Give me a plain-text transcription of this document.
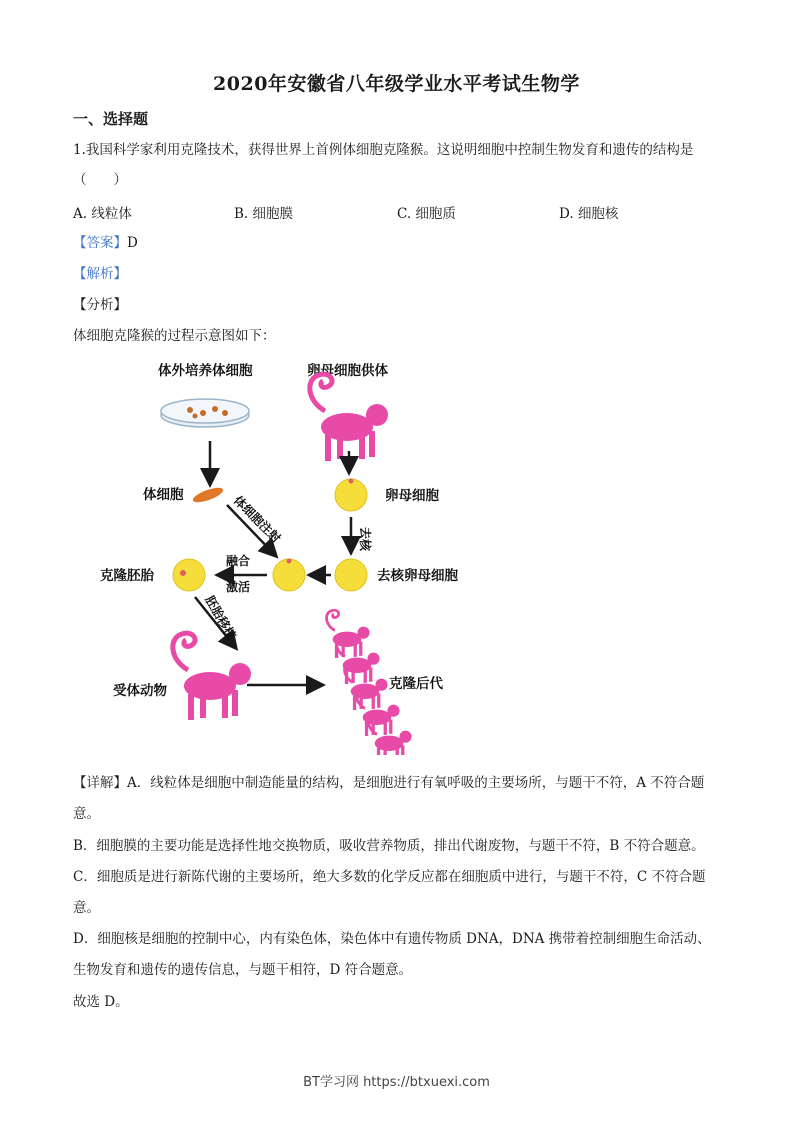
2020年安徽省八年级学业水平考试生物学
一、选择题
1.我国科学家利用克隆技术，获得世界上首例体细胞克隆猴。这说明细胞中控制生物发育和遗传的结构是
（　　）
A. 线粒体	B. 细胞膜	C. 细胞质	D. 细胞核
【答案】D
【解析】
【分析】
体细胞克隆猴的过程示意图如下：
体外培养体细胞
体细胞
卵母细胞供体
卵母细胞
去核
去核卵母细胞
体细胞注射
融合
激活
克隆胚胎
胚胎移植
受体动物	克隆后代
【详解】A．线粒体是细胞中制造能量的结构，是细胞进行有氧呼吸的主要场所，与题干不符，A 不符合题
意。
B．细胞膜的主要功能是选择性地交换物质，吸收营养物质，排出代谢废物，与题干不符，B 不符合题意。
C．细胞质是进行新陈代谢的主要场所，绝大多数的化学反应都在细胞质中进行，与题干不符，C 不符合题
意。
D．细胞核是细胞的控制中心，内有染色体，染色体中有遗传物质 DNA，DNA 携带着控制细胞生命活动、
生物发育和遗传的遗传信息，与题干相符，D 符合题意。
故选 D。
BT学习网 https://btxuexi.com
